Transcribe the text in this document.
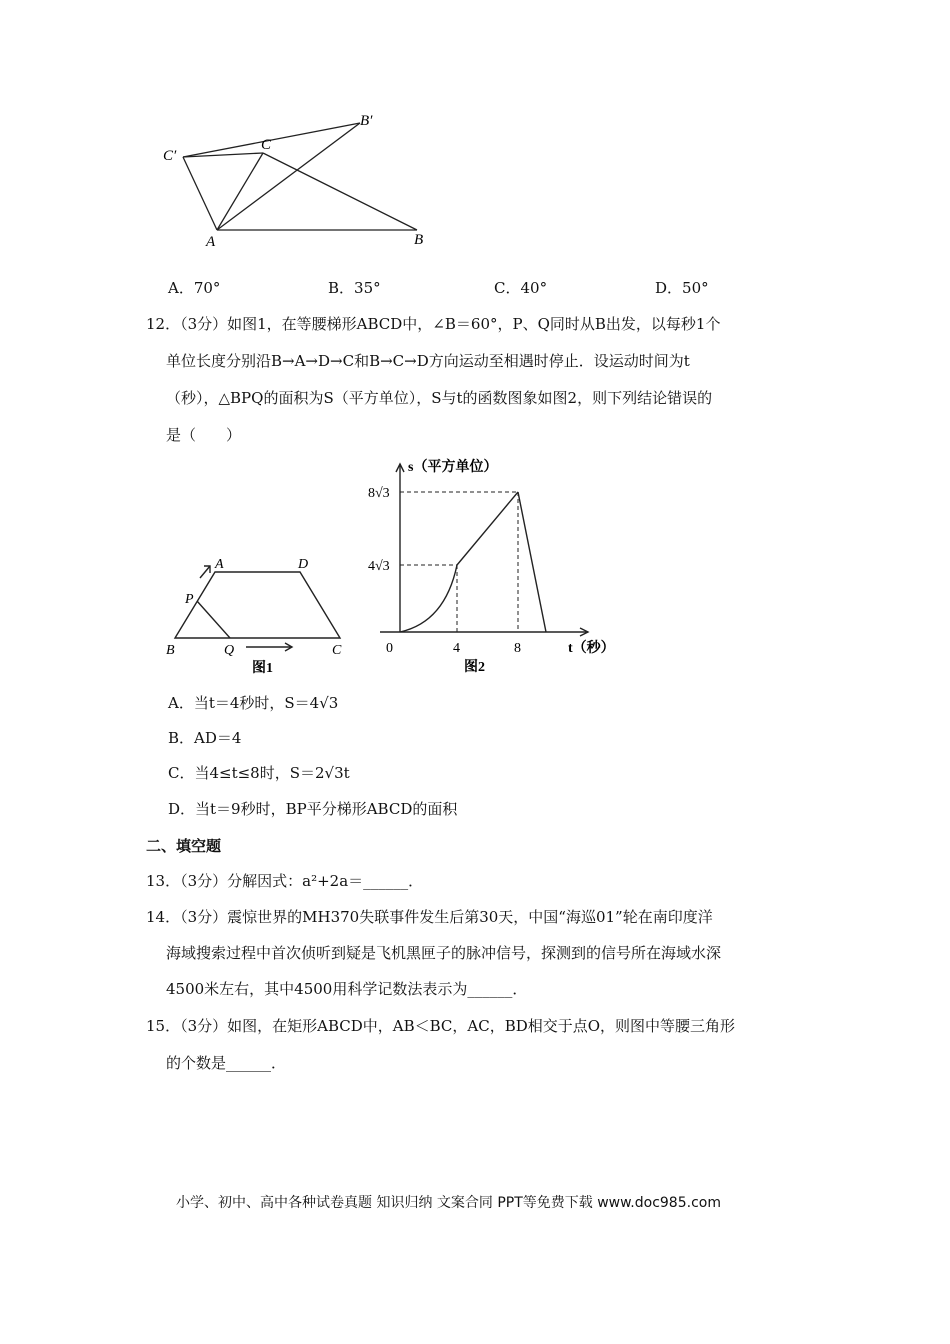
C′
C
B′
A	B
A．70°	B．35°	C．40°	D．50°
12．（3分）如图1，在等腰梯形ABCD中，∠B＝60°，P、Q同时从B出发，以每秒1个
单位长度分别沿B→A→D→C和B→C→D方向运动至相遇时停止．设运动时间为t
（秒），△BPQ的面积为S（平方单位），S与t的函数图象如图2，则下列结论错误的
是（　　）
A	D
P
B	Q	C
图1
s（平方单位）
8√3
4√3
0	4	8	t（秒）
图2
A．当t＝4秒时，S＝4√3
B．AD＝4
C．当4≤t≤8时，S＝2√3t
D．当t＝9秒时，BP平分梯形ABCD的面积
二、填空题
13．（3分）分解因式：a²+2a＝______．
14．（3分）震惊世界的MH370失联事件发生后第30天，中国“海巡01”轮在南印度洋
海域搜索过程中首次侦听到疑是飞机黑匣子的脉冲信号，探测到的信号所在海域水深
4500米左右，其中4500用科学记数法表示为______．
15．（3分）如图，在矩形ABCD中，AB＜BC，AC，BD相交于点O，则图中等腰三角形
的个数是______．
小学、初中、高中各种试卷真题 知识归纳 文案合同 PPT等免费下载 www.doc985.com
